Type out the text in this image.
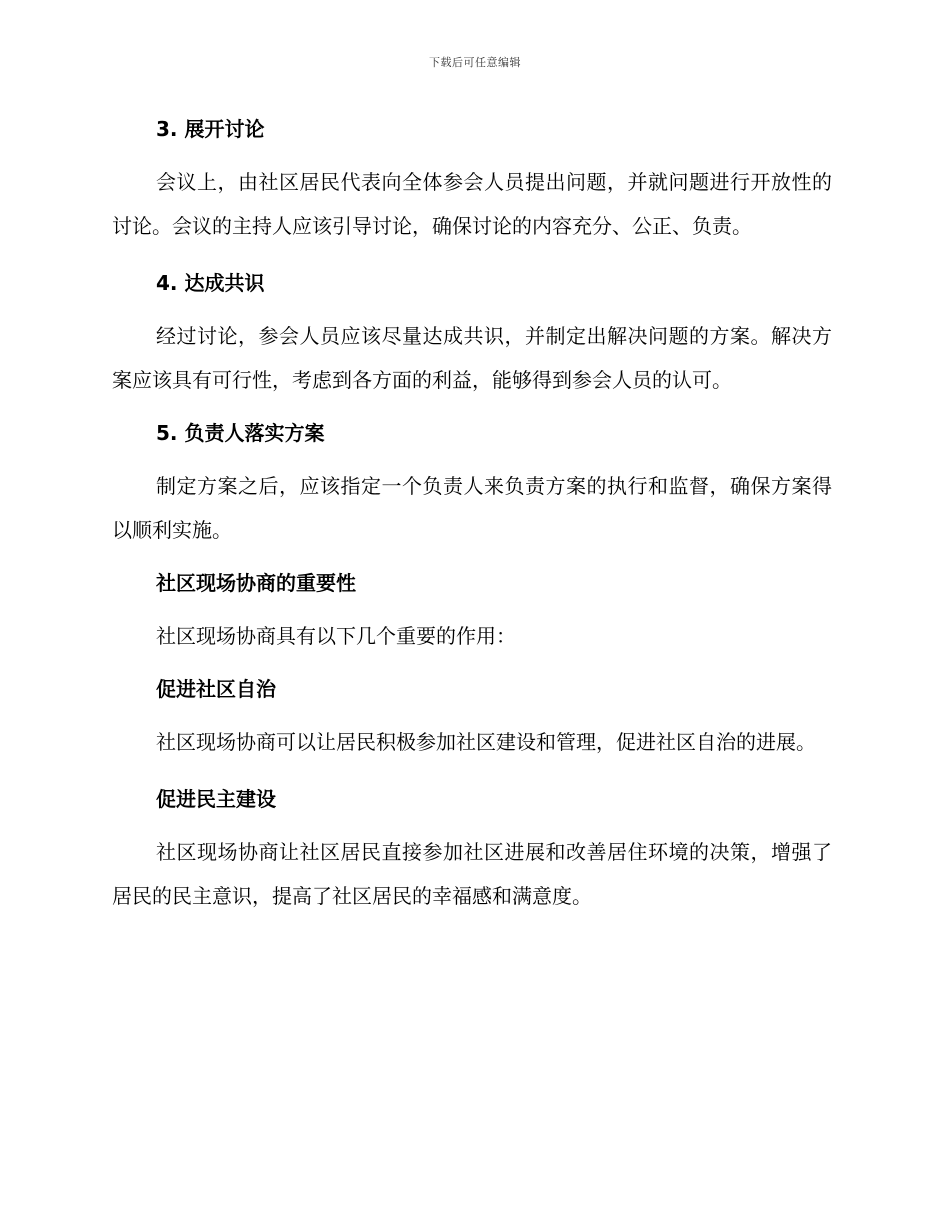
下载后可任意编辑
3. 展开讨论

会议上，由社区居民代表向全体参会人员提出问题，并就问题进行开放性的讨论。会议的主持人应该引导讨论，确保讨论的内容充分、公正、负责。

4. 达成共识

经过讨论，参会人员应该尽量达成共识，并制定出解决问题的方案。解决方案应该具有可行性，考虑到各方面的利益，能够得到参会人员的认可。

5. 负责人落实方案

制定方案之后，应该指定一个负责人来负责方案的执行和监督，确保方案得以顺利实施。

社区现场协商的重要性

社区现场协商具有以下几个重要的作用：

促进社区自治

社区现场协商可以让居民积极参加社区建设和管理，促进社区自治的进展。

促进民主建设

社区现场协商让社区居民直接参加社区进展和改善居住环境的决策，增强了居民的民主意识，提高了社区居民的幸福感和满意度。
